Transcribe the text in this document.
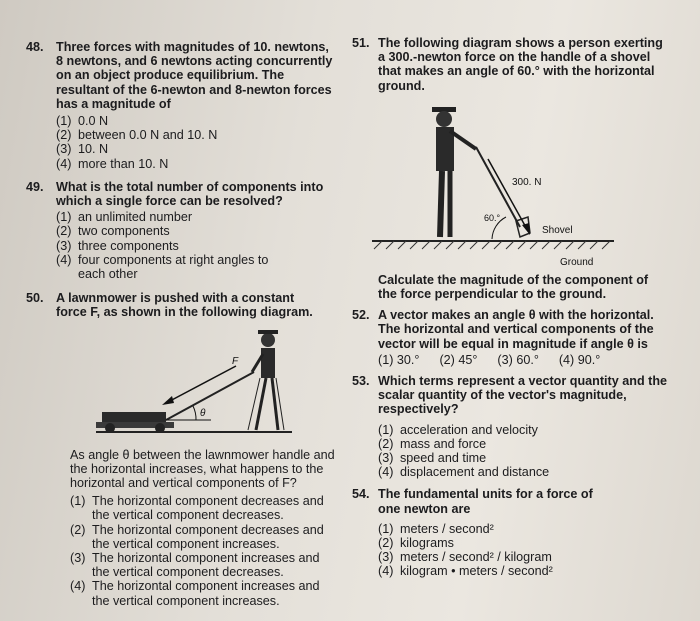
48. Three forces with magnitudes of 10. newtons, 8 newtons, and 6 newtons acting concurrently on an object produce equilibrium. The resultant of the 6-newton and 8-newton forces has a magnitude of
(1) 0.0 N
(2) between 0.0 N and 10. N
(3) 10. N
(4) more than 10. N
49. What is the total number of components into which a single force can be resolved?
(1) an unlimited number
(2) two components
(3) three components
(4) four components at right angles to each other
50. A lawnmower is pushed with a constant force F, as shown in the following diagram.
F
θ
As angle θ between the lawnmower handle and the horizontal increases, what happens to the horizontal and vertical components of F?
(1) The horizontal component decreases and the vertical component decreases.
(2) The horizontal component decreases and the vertical component increases.
(3) The horizontal component increases and the vertical component decreases.
(4) The horizontal component increases and the vertical component increases.
51. The following diagram shows a person exerting a 300.-newton force on the handle of a shovel that makes an angle of 60.° with the horizontal ground.
300. N
60.°
Shovel
Ground
Calculate the magnitude of the component of the force perpendicular to the ground.
52. A vector makes an angle θ with the horizontal. The horizontal and vertical components of the vector will be equal in magnitude if angle θ is
(1) 30.° (2) 45° (3) 60.° (4) 90.°
53. Which terms represent a vector quantity and the scalar quantity of the vector's magnitude, respectively?
(1) acceleration and velocity
(2) mass and force
(3) speed and time
(4) displacement and distance
54. The fundamental units for a force of one newton are
(1) meters / second²
(2) kilograms
(3) meters / second² / kilogram
(4) kilogram • meters / second²
